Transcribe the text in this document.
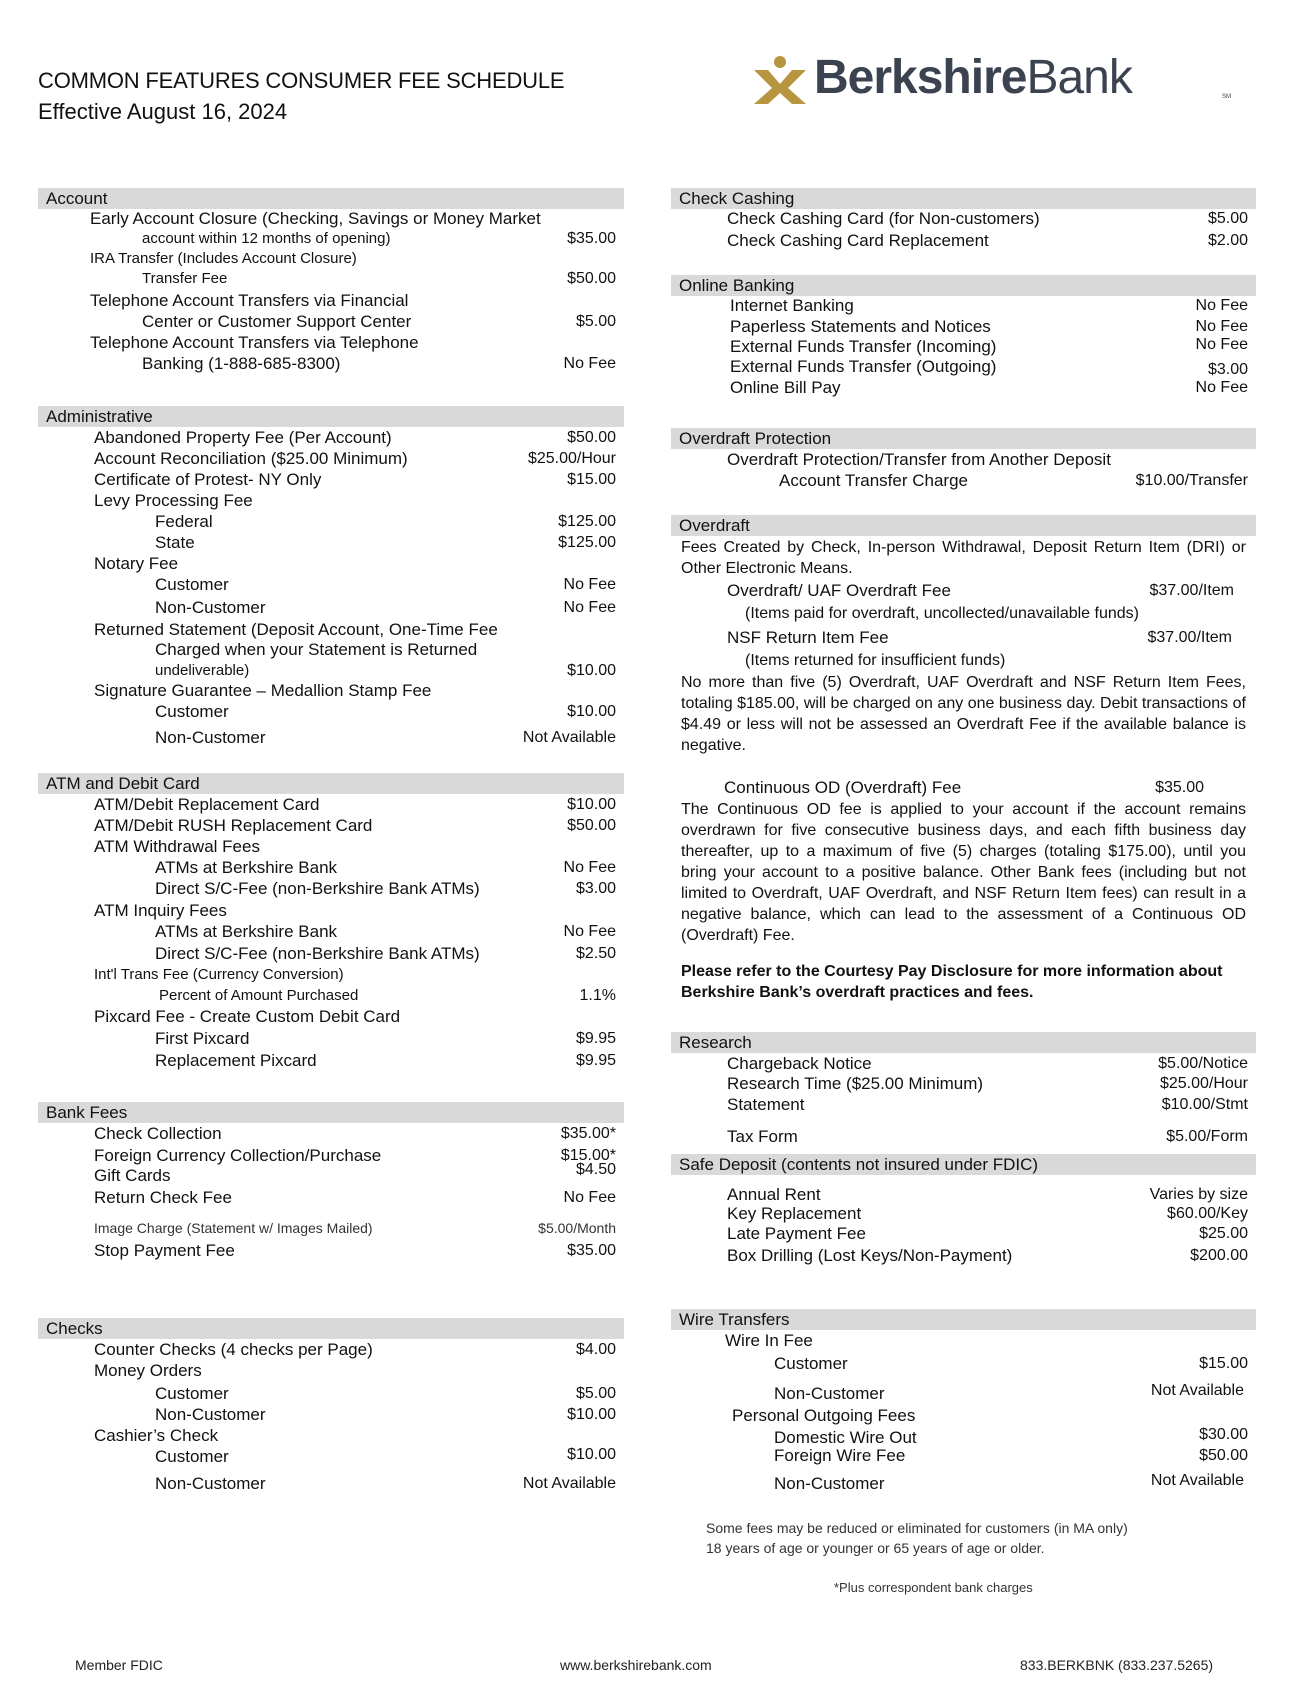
COMMON FEATURES CONSUMER FEE SCHEDULE
Effective August 16, 2024
BerkshireBank	SM
Account
Early Account Closure (Checking, Savings or Money Market
account within 12 months of opening)	$35.00
IRA Transfer (Includes Account Closure)
Transfer Fee	$50.00
Telephone Account Transfers via Financial
Center or Customer Support Center	$5.00
Telephone Account Transfers via Telephone
Banking (1-888-685-8300)	No Fee
Administrative
Abandoned Property Fee (Per Account)	$50.00
Account Reconciliation ($25.00 Minimum)	$25.00/Hour
Certificate of Protest- NY Only	$15.00
Levy Processing Fee
Federal	$125.00
State	$125.00
Notary Fee
Customer	No Fee
Non-Customer	No Fee
Returned Statement (Deposit Account, One-Time Fee
Charged when your Statement is Returned
undeliverable)	$10.00
Signature Guarantee – Medallion Stamp Fee
Customer	$10.00
Non-Customer	Not Available
ATM and Debit Card
ATM/Debit Replacement Card	$10.00
ATM/Debit RUSH Replacement Card	$50.00
ATM Withdrawal Fees
ATMs at Berkshire Bank	No Fee
Direct S/C-Fee (non-Berkshire Bank ATMs)	$3.00
ATM Inquiry Fees
ATMs at Berkshire Bank	No Fee
Direct S/C-Fee (non-Berkshire Bank ATMs)	$2.50
Int'l Trans Fee (Currency Conversion)
Percent of Amount Purchased	1.1%
Pixcard Fee - Create Custom Debit Card
First Pixcard	$9.95
Replacement Pixcard	$9.95
Bank Fees
Check Collection	$35.00*
Foreign Currency Collection/Purchase	$15.00*
Gift Cards	$4.50
Return Check Fee	No Fee
Image Charge (Statement w/ Images Mailed)	$5.00/Month
Stop Payment Fee	$35.00
Checks
Counter Checks (4 checks per Page)	$4.00
Money Orders
Customer	$5.00
Non-Customer	$10.00
Cashier’s Check
Customer	$10.00
Non-Customer	Not Available
Check Cashing
Check Cashing Card (for Non-customers)	$5.00
Check Cashing Card Replacement	$2.00
Online Banking
Internet Banking	No Fee
Paperless Statements and Notices	No Fee
External Funds Transfer (Incoming)	No Fee
External Funds Transfer (Outgoing)	$3.00
Online Bill Pay	No Fee
Overdraft Protection
Overdraft Protection/Transfer from Another Deposit
Account Transfer Charge	$10.00/Transfer
Overdraft
Fees Created by Check, In-person Withdrawal, Deposit Return Item (DRI) or Other Electronic Means.
Overdraft/ UAF Overdraft Fee	$37.00/Item
(Items paid for overdraft, uncollected/unavailable funds)
NSF Return Item Fee	$37.00/Item
(Items returned for insufficient funds)
No more than five (5) Overdraft, UAF Overdraft and NSF Return Item Fees, totaling $185.00, will be charged on any one business day. Debit transactions of $4.49 or less will not be assessed an Overdraft Fee if the available balance is negative.
Continuous OD (Overdraft) Fee	$35.00
The Continuous OD fee is applied to your account if the account remains overdrawn for five consecutive business days, and each fifth business day thereafter, up to a maximum of five (5) charges (totaling $175.00), until you bring your account to a positive balance. Other Bank fees (including but not limited to Overdraft, UAF Overdraft, and NSF Return Item fees) can result in a negative balance, which can lead to the assessment of a Continuous OD (Overdraft) Fee.
Please refer to the Courtesy Pay Disclosure for more information about Berkshire Bank’s overdraft practices and fees.
Research
Chargeback Notice	$5.00/Notice
Research Time ($25.00 Minimum)	$25.00/Hour
Statement	$10.00/Stmt
Tax Form	$5.00/Form
Safe Deposit (contents not insured under FDIC)
Annual Rent	Varies by size
Key Replacement	$60.00/Key
Late Payment Fee	$25.00
Box Drilling (Lost Keys/Non-Payment)	$200.00
Wire Transfers
Wire In Fee
Customer	$15.00
Non-Customer	Not Available
Personal Outgoing Fees
Domestic Wire Out	$30.00
Foreign Wire Fee	$50.00
Non-Customer	Not Available
Some fees may be reduced or eliminated for customers (in MA only)
18 years of age or younger or 65 years of age or older.
*Plus correspondent bank charges
Member FDIC	www.berkshirebank.com	833.BERKBNK (833.237.5265)
